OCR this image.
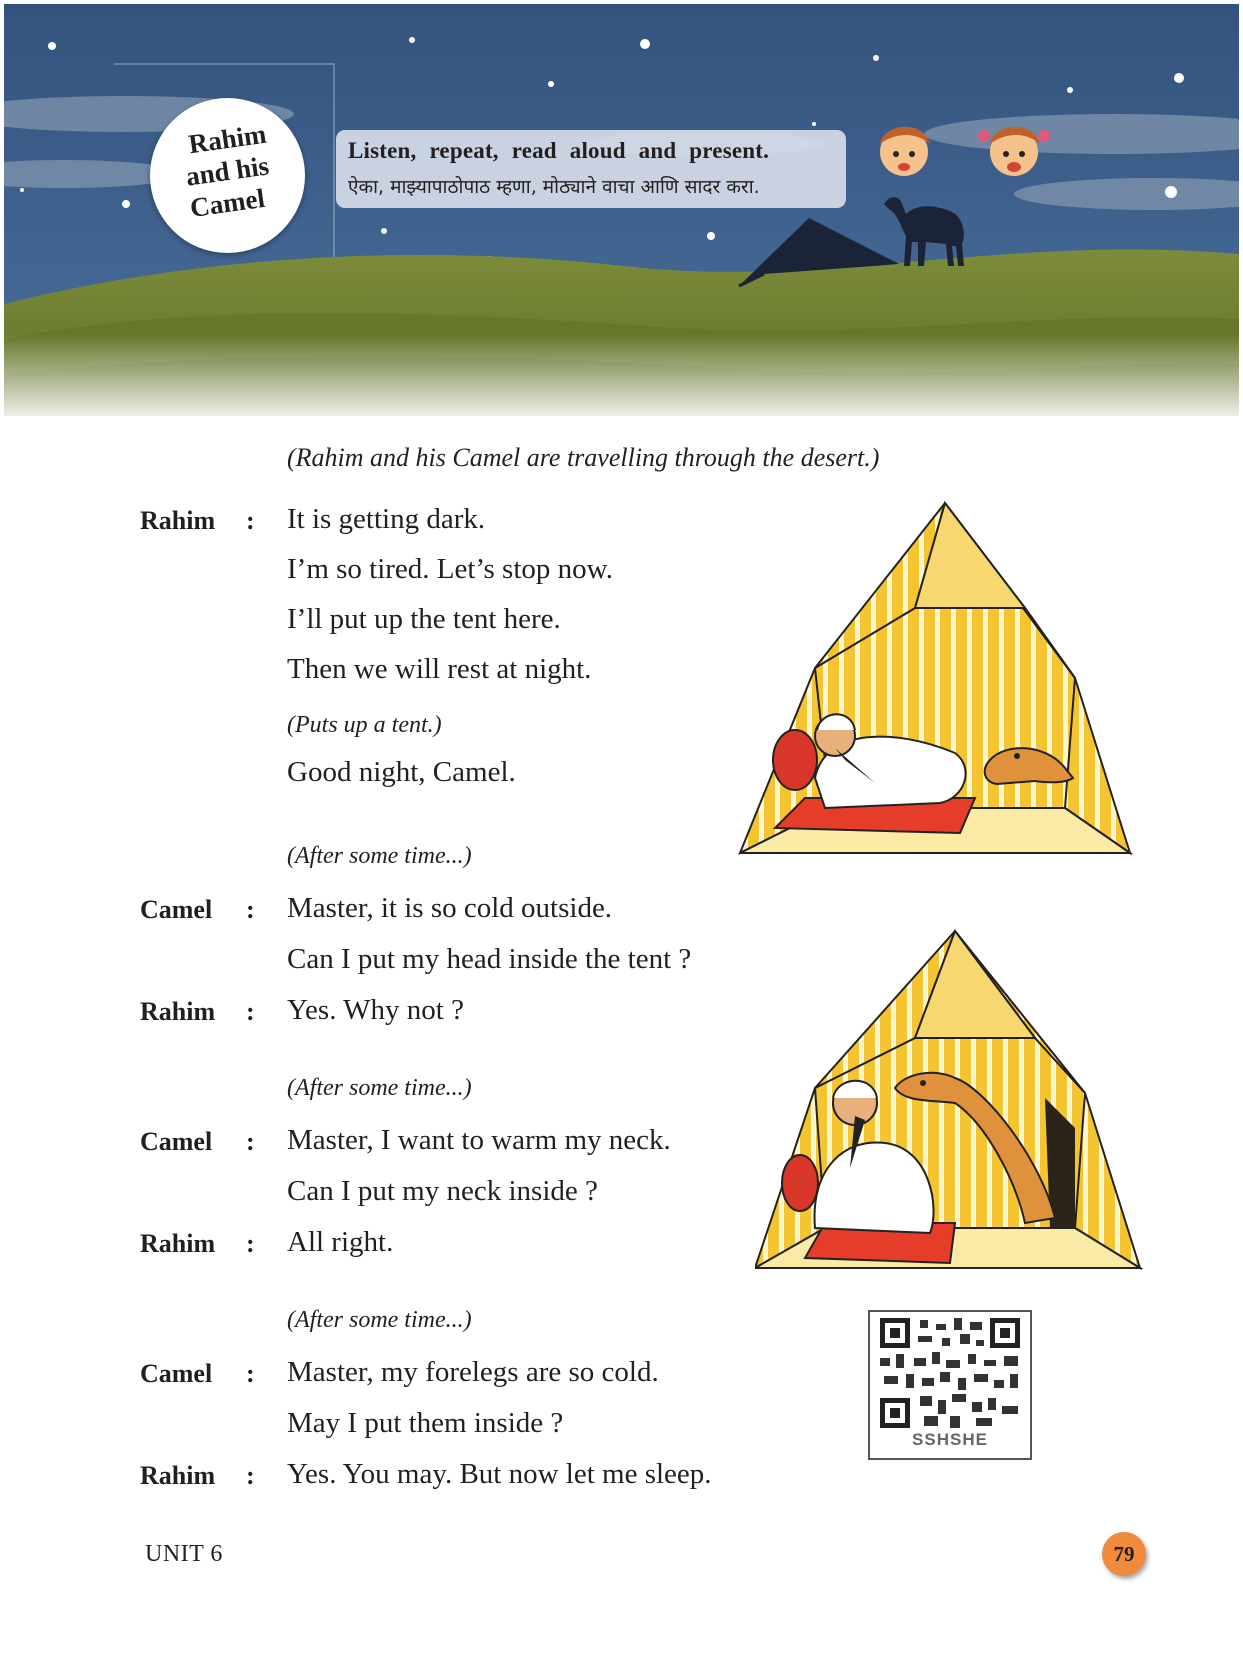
Rahim
and his
Camel
Listen, repeat, read aloud and present.
ऐका, माझ्यापाठोपाठ म्हणा, मोठ्याने वाचा आणि सादर करा.
(Rahim and his Camel are travelling through the desert.)
Rahim : It is getting dark.
I’m so tired. Let’s stop now.
I’ll put up the tent here.
Then we will rest at night.
(Puts up a tent.)
Good night, Camel.
(After some time...)
Camel : Master, it is so cold outside.
Can I put my head inside the tent ?
Rahim : Yes. Why not ?
(After some time...)
Camel : Master, I want to warm my neck.
Can I put my neck inside ?
Rahim : All right.
(After some time...)
Camel : Master, my forelegs are so cold.
May I put them inside ?
Rahim : Yes. You may. But now let me sleep.
SSHSHE
UNIT 6	79
